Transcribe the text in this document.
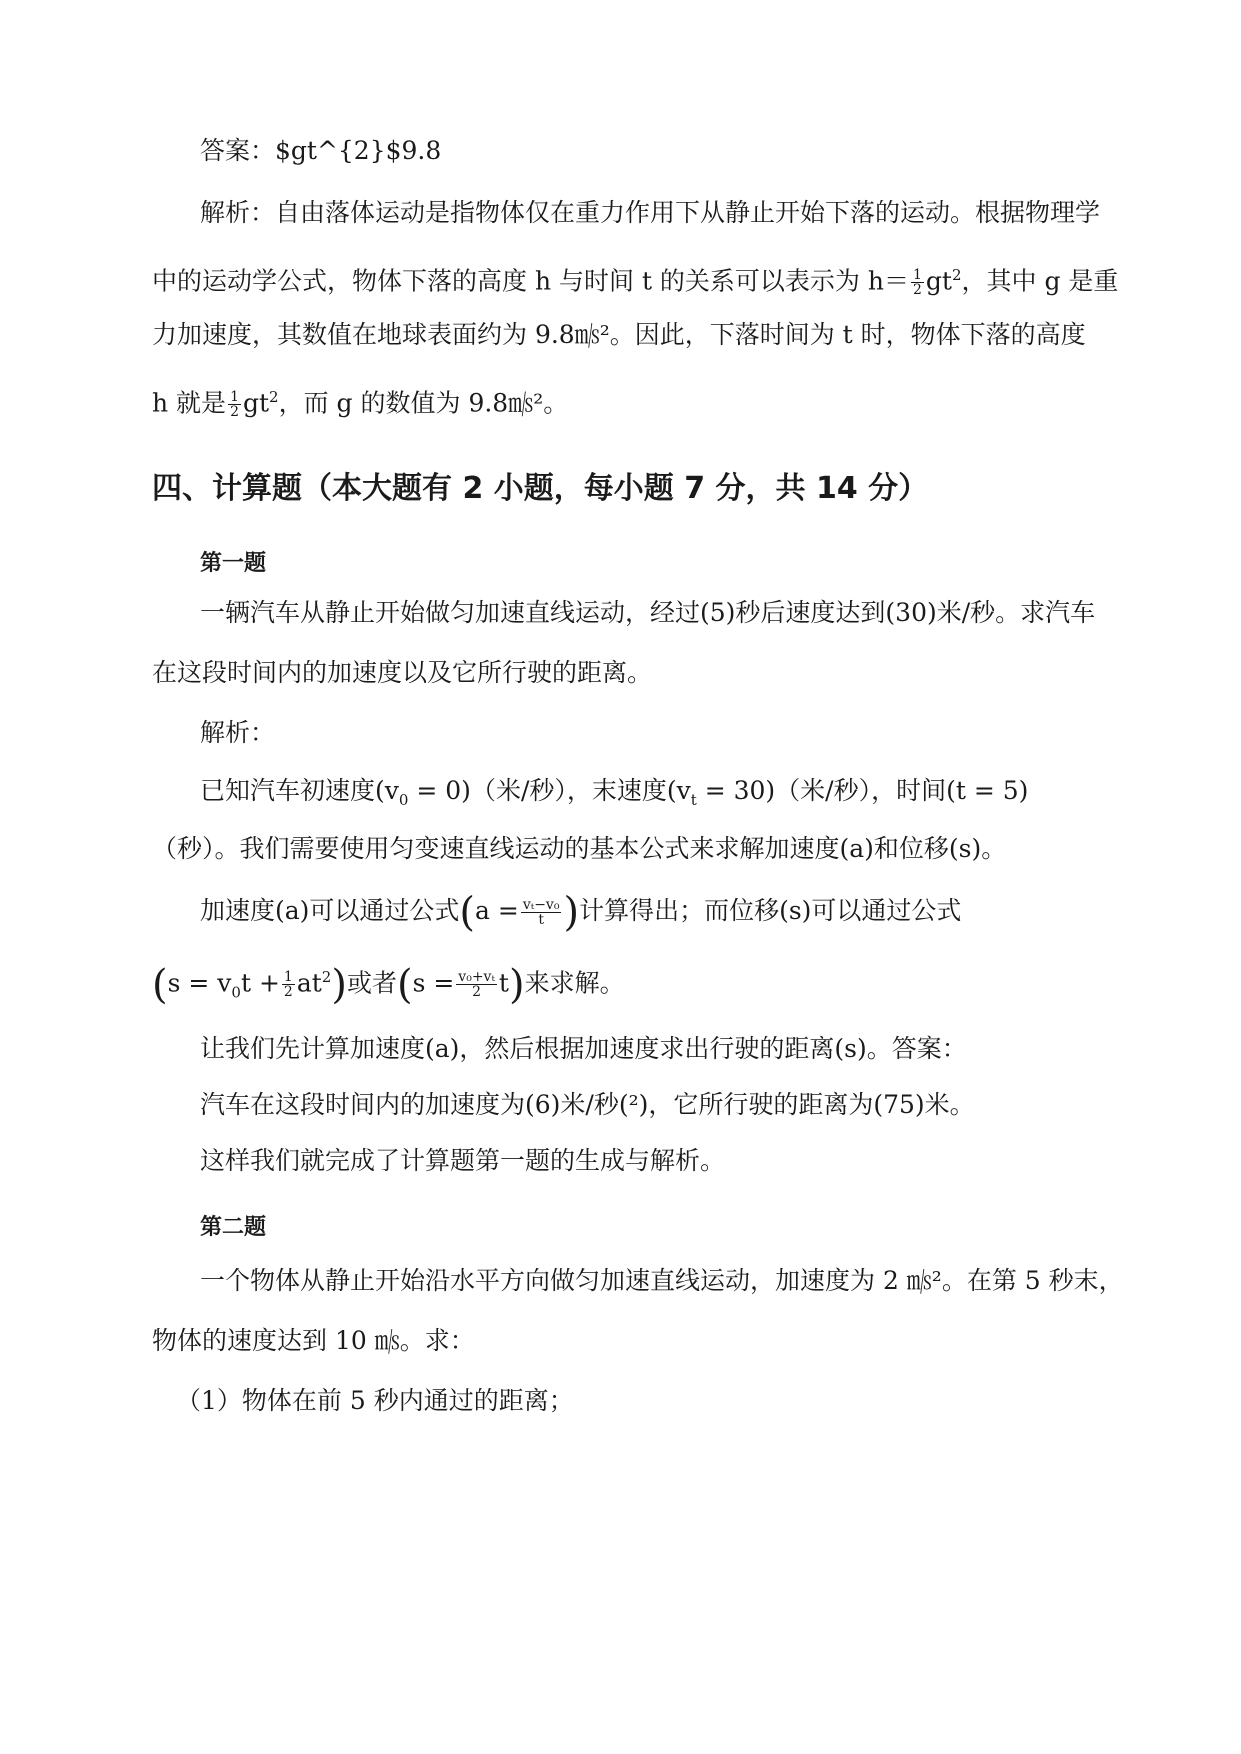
答案：$gt^{2}$9.8
解析：自由落体运动是指物体仅在重力作用下从静止开始下落的运动。根据物理学
中的运动学公式，物体下落的高度 h 与时间 t 的关系可以表示为 $h= \frac{1}{2} gt^2$，其中 g 是重
力加速度，其数值在地球表面约为 9.8㎧²。因此，下落时间为 t 时，物体下落的高度
h 就是 $\frac{1}{2} gt^2$，而 g 的数值为 9.8㎧²。
四、计算题（本大题有 2 小题，每小题 7 分，共 14 分）
第一题
一辆汽车从静止开始做匀加速直线运动，经过(5)秒后速度达到(30)米/秒。求汽车
在这段时间内的加速度以及它所行驶的距离。
解析：
已知汽车初速度$(v_0 = 0)$（米/秒），末速度$(v_t = 30)$（米/秒），时间(t = 5)
（秒）。我们需要使用匀变速直线运动的基本公式来求解加速度(a)和位移(s)。
加速度(a)可以通过公式($a = \frac{\text{vₜ−v₀}}{t}$ )计算得出；而位移(s)可以通过公式
$(s = v_0t + \frac{1}{2} at^2)$或者$(s = \frac{\text{v₀+vₜ}}{2} t)$来求解。
让我们先计算加速度(a)，然后根据加速度求出行驶的距离(s)。答案：
汽车在这段时间内的加速度为(6)米/秒(²)，它所行驶的距离为(75)米。
这样我们就完成了计算题第一题的生成与解析。
第二题
一个物体从静止开始沿水平方向做匀加速直线运动，加速度为 2 ㎧²。在第 5 秒末，
物体的速度达到 10 ㎧。求：
（1）物体在前 5 秒内通过的距离；
